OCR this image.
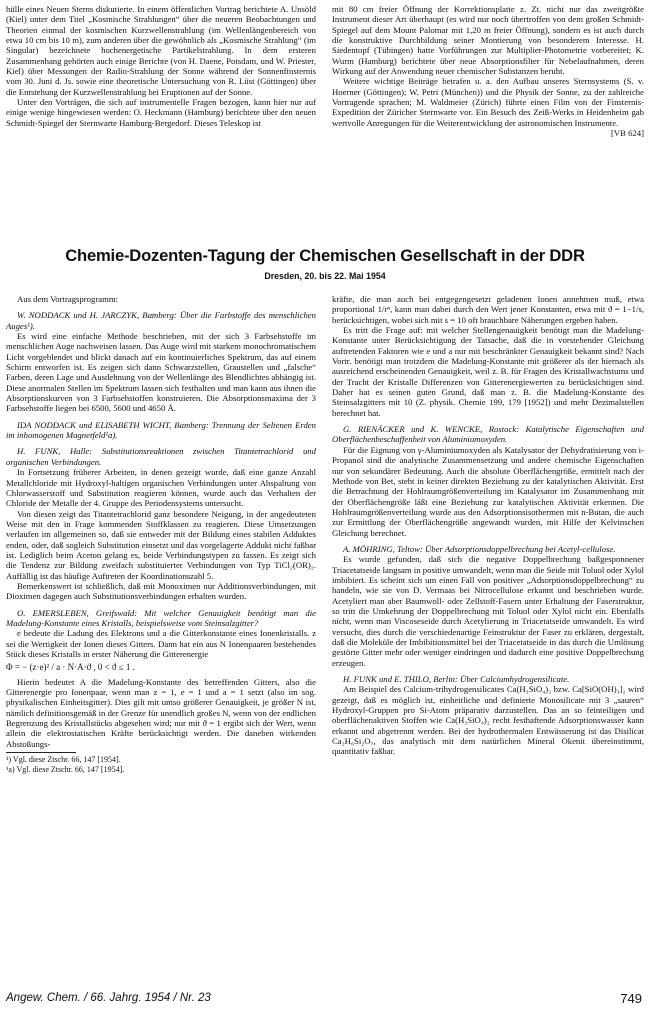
hülle eines Neuen Sterns diskutierte. In einem öffentlichen Vortrag berichtete A. Unsöld (Kiel) unter dem Titel „Kosmische Strahlungen“ über die neueren Beobachtungen und Theorien einmal der kosmischen Kurzwellenstrahlung (im Wellenlängenbereich von etwa 10 cm bis 10 m), zum anderen über die gewöhnlich als „Kosmische Strahlung“ (im Singular) bezeichnete hochenergetische Partikelstrahlung. In dem ersteren Zusammenhang gehörten auch einige Berichte (von H. Daene, Potsdam, und W. Priester, Kiel) über Messungen der Radio-Strahlung der Sonne während der Sonnenfinsternis vom 30. Juni d. Js. sowie eine theoretische Untersuchung von R. Lüst (Göttingen) über die Entstehung der Kurzwellenstrahlung bei Eruptionen auf der Sonne.

Unter den Vorträgen, die sich auf instrumentelle Fragen bezogen, kann hier nur auf einige wenige hingewiesen werden: O. Heckmann (Hamburg) berichtete über den neuen Schmidt-Spiegel der Sternwarte Hamburg-Bergedorf. Dieses Teleskop ist

mit 80 cm freier Öffnung der Korrektionsplatte z. Zt. nicht nur das zweitgrößte Instrument dieser Art überhaupt (es wird nur noch übertroffen von dem großen Schmidt-Spiegel auf dem Mount Palomar mit 1,20 m freier Öffnung), sondern es ist auch durch die konstruktive Durchbildung seiner Montierung von besonderem Interesse. H. Siedentopf (Tübingen) hatte Vorführungen zur Multiplier-Photometrie vorbereitet; K. Wurm (Hamburg) berichtete über neue Absorptionsfilter für Nebelaufnahmen, deren Wirkung auf der Anwendung neuer chemischer Substanzen beruht.

Weitere wichtige Beiträge betrafen u. a. den Aufbau unseres Sternsystems (S. v. Hoerner (Göttingen); W. Petri (München)) und die Physik der Sonne, zu der zahlreiche Vortragende sprachen; M. Waldmeier (Zürich) führte einen Film von der Finsternis-Expedition der Züricher Sternwarte vor. Ein Besuch des Zeiß-Werks in Heidenheim gab wertvolle Anregungen für die Weiterentwicklung der astronomischen Instrumente.
[VB 624]

Chemie-Dozenten-Tagung der Chemischen Gesellschaft in der DDR
Dresden, 20. bis 22. Mai 1954

Aus dem Vortragsprogramm:

W. NODDACK und H. JARCZYK, Bamberg: Über die Farbstoffe des menschlichen Auges¹).

Es wird eine einfache Methode beschrieben, mit der sich 3 Farbsehstoffe im menschlichen Auge nachweisen lassen. Das Auge wird mit starkem monochromatischem Licht vorgeblendet und blickt danach auf ein kontinuierliches Spektrum, das auf einem Schirm entworfen ist. Es zeigen sich dann Schwarzstellen, Graustellen und „falsche“ Farben, deren Lage und Ausdehnung von der Wellenlänge des Blendlichtes abhängig ist. Diese anormalen Stellen im Spektrum lassen sich festhalten und man kann aus ihnen die Absorptionskurven von 3 Farbsehstoffen konstruieren. Die Absorptionsmaxima der 3 Farbsehstoffe liegen bei 6500, 5600 und 4650 Å.

IDA NODDACK und ELISABETH WICHT, Bamberg: Trennung der Seltenen Erden im inhomogenen Magnetfeld¹a).

H. FUNK, Halle: Substitutionsreaktionen zwischen Titantetrachlorid und organischen Verbindungen.

In Fortsetzung früherer Arbeiten, in denen gezeigt wurde, daß eine ganze Anzahl Metallchloride mit Hydroxyl-haltigen organischen Verbindungen unter Abspaltung von Chlorwasserstoff und Substitution reagieren können, wurde auch das Verhalten der Chloride der Metalle der 4. Gruppe des Periodensystems untersucht.

Von diesen zeigt das Titantetrachlorid ganz besondere Neigung, in der angedeuteten Weise mit den in Frage kommenden Stoffklassen zu reagieren. Diese Umsetzungen verlaufen im allgemeinen so, daß sie entweder mit der Bildung eines stabilen Adduktes enden, oder, daß sogleich Substitution einsetzt und das vorgelagerte Addukt nicht faßbar ist. Lediglich beim Aceton gelang es, beide Verbindungstypen zu fassen. Es zeigt sich die Tendenz zur Bildung zweifach substituierter Verbindungen von Typ TiCl₂(OR)₂. Auffällig ist das häufige Auftreten der Koordinationszahl 5.

Bemerkenswert ist schließlich, daß mit Monoximen nur Additionsverbindungen, mit Dioximen dagegen auch Substitutionsverbindungen erhalten wurden.

O. EMERSLEBEN, Greifswald: Mit welcher Genauigkeit benötigt man die Madelung-Konstante eines Kristalls, beispielsweise vom Steinsalzgitter?

e bedeute die Ladung des Elektrons und a die Gitterkonstante eines Ionenkristalls. z sei die Wertigkeit der Ionen dieses Gitters. Dann hat ein aus N Ionenpaaren bestehendes Stück dieses Kristalls in erster Näherung die Gitterenergie

Φ = − (z·e)² / a · N·A·ϑ , 0 < ϑ ≤ 1 .

Hierin bedeutet A die Madelung-Konstante des betreffenden Gitters, also die Gitterenergie pro Ionenpaar, wenn man z = 1, e = 1 und a = 1 setzt (also im sog. physikalischen Einheitsgitter). Dies gilt mit umso größerer Genauigkeit, je größer N ist, nämlich definitionsgemäß in der Grenze für unendlich großes N, wenn von der endlichen Begrenzung des Kristallstücks abgesehen wird; nur mit ϑ = 1 ergibt sich der Wert, wenn allein die elektrostatischen Kräfte berücksichtigt werden. Die daneben wirkenden Abstoßungs-

¹) Vgl. diese Ztschr. 66, 147 [1954].

¹a) Vgl. diese Ztschr. 66, 147 [1954].

kräfte, die man auch bei entgegengesetzt geladenen Ionen annehmen muß, etwa proportional 1/rⁿ, kann man dabei durch den Wert jener Konstanten, etwa mit ϑ = 1−1/s, berücksichtigen, wobei sich mit s = 10 oft brauchbare Näherungen ergeben haben.

Es tritt die Frage auf: mit welcher Stellengenauigkeit benötigt man die Madelung-Konstante unter Berücksichtigung der Tatsache, daß die in vorstehender Gleichung auftretenden Faktoren wie e und a nur mit beschränkter Genauigkeit bekannt sind? Nach Vortr. benötigt man trotzdem die Madelung-Konstante mit größerer als der hiernach als ausreichend erscheinenden Genauigkeit, weil z. B. für Fragen des Kristallwachstums und der Tracht der Kristalle Differenzen von Gitterenergiewerten zu berücksichtigen sind. Daher hat es seinen guten Grund, daß man z. B. die Madelung-Konstante des Steinsalzgitters mit 10 (Z. physik. Chemie 199, 179 [1952]) und mehr Dezimalstellen berechnet hat.

G. RIENÄCKER und K. WENCKE, Rostock: Katalytische Eigenschaften und Oberflächenbeschaffenheit von Aluminiumoxyden.

Für die Eignung von γ-Aluminiumoxyden als Katalysator der Dehydratisierung von i-Propanol sind die analytische Zusammensetzung und andere chemische Eigenschaften nur von sekundärer Bedeutung. Auch die absolute Oberflächengröße, ermittelt nach der Methode von Bet, steht in keiner direkten Beziehung zu der katalytischen Aktivität. Erst die Betrachtung der Hohlraumgrößenverteilung im Katalysator im Zusammenhang mit der Oberflächengröße läßt eine Beziehung zur katalytischen Aktivität erkennen. Die Hohlraumgrößenverteilung wurde aus den Adsorptionsisothermen mit n-Butan, die auch zur Ermittlung der Oberflächengröße angewandt wurden, mit Hilfe der Kelvinschen Gleichung berechnet.

A. MÖHRING, Teltow: Über Adsorptionsdoppelbrechung bei Acetyl-cellulose.

Es wurde gefunden, daß sich die negative Doppelbrechung baßgesponnener Triacetatseide langsam in positive umwandelt, wenn man die Seide mit Toluol oder Xylol imbibiert. Es scheint sich um einen Fall von positiver „Adsorptionsdoppelbrechung“ zu handeln, wie sie von D. Vermaas bei Nitrocellulose erkannt und beschrieben wurde. Acetyliert man aber Baumwoll- oder Zellstoff-Fasern unter Erhaltung der Faserstruktur, so tritt die Umkehrung der Doppelbrechung mit Toluol oder Xylol nicht ein. Ebenfalls nicht, wenn man Viscoseseide durch Acetylierung in Triacetatseide umwandelt. Es wird versucht, dies durch die verschiedenartige Feinstruktur der Faser zu erklären, dergestalt, daß die Moleküle der Imbibitionsmittel bei der Triacetatseide in das durch die Umlösung gestörte Gitter mehr oder weniger eindringen und dadurch eine positive Doppelbrechung erzeugen.

H. FUNK und E. THILO, Berlin: Über Calciumhydrogensilicate.

Am Beispiel des Calcium-trihydrogensilicates Ca(H₃SiO₄)₂ bzw. Ca[SiO(OH)₃]₂ wird gezeigt, daß es möglich ist, einheitliche und definierte Monosilicate mit 3 „sauren“ Hydroxyl-Gruppen pro Si-Atom präparativ darzustellen. Das an so feinteiligen und oberflächenaktiven Stoffen wie Ca(H₃SiO₄)₂ recht festhaftende Adsorptionswasser kann erkannt und abgetrennt werden. Bei der hydrothermalen Entwässerung ist das Disilicat Ca₂H₆Si₂O₇, das analytisch mit dem natürlichen Mineral Okenit übereinstimmt, quantitativ faßbar.

Angew. Chem. / 66. Jahrg. 1954 / Nr. 23	749
